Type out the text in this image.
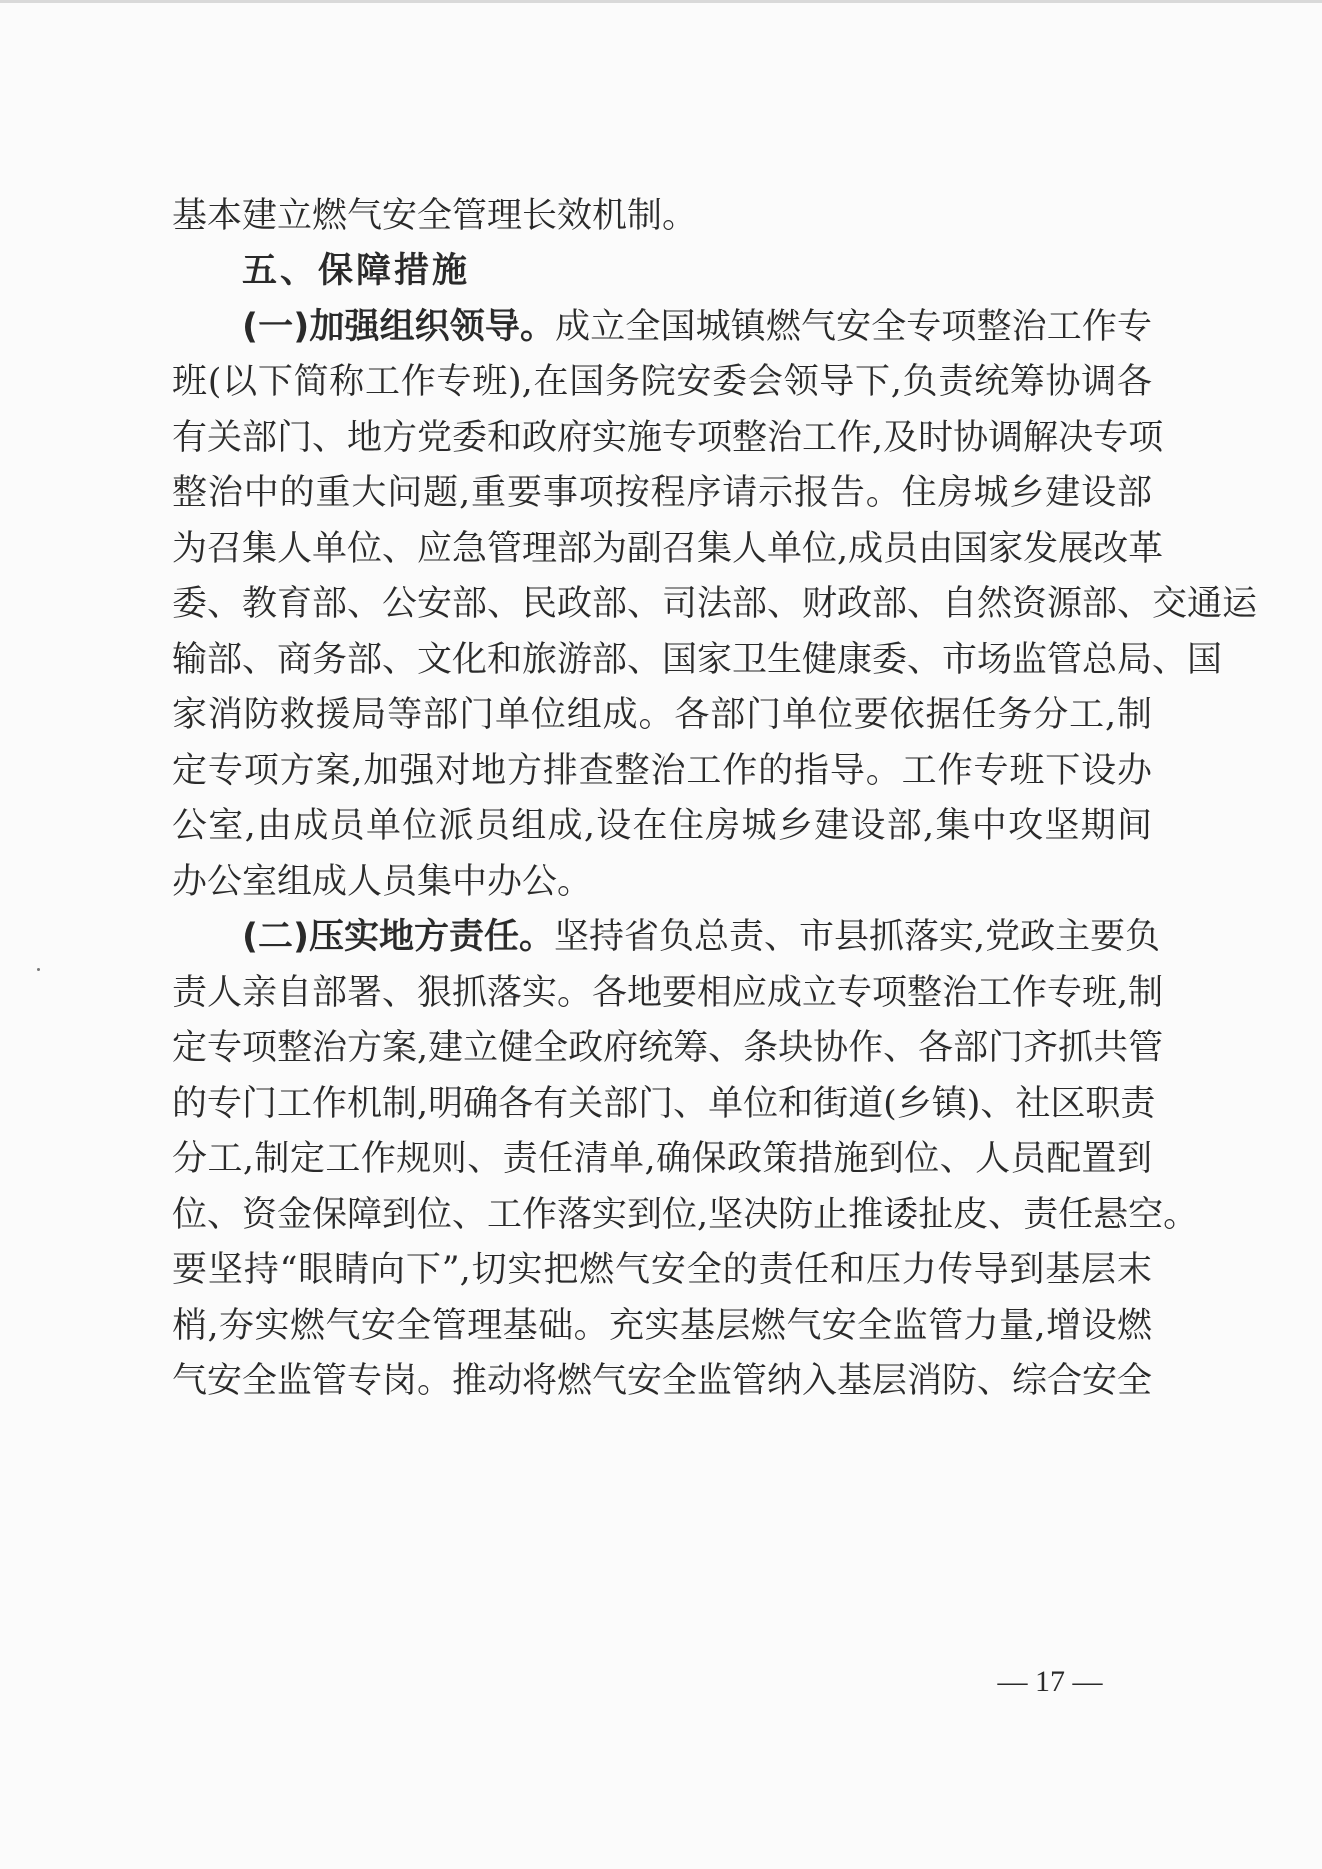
基本建立燃气安全管理长效机制。
五、保障措施
(一)加强组织领导。成立全国城镇燃气安全专项整治工作专
班(以下简称工作专班),在国务院安委会领导下,负责统筹协调各
有关部门、地方党委和政府实施专项整治工作,及时协调解决专项
整治中的重大问题,重要事项按程序请示报告。住房城乡建设部
为召集人单位、应急管理部为副召集人单位,成员由国家发展改革
委、教育部、公安部、民政部、司法部、财政部、自然资源部、交通运
输部、商务部、文化和旅游部、国家卫生健康委、市场监管总局、国
家消防救援局等部门单位组成。各部门单位要依据任务分工,制
定专项方案,加强对地方排查整治工作的指导。工作专班下设办
公室,由成员单位派员组成,设在住房城乡建设部,集中攻坚期间
办公室组成人员集中办公。
(二)压实地方责任。坚持省负总责、市县抓落实,党政主要负
责人亲自部署、狠抓落实。各地要相应成立专项整治工作专班,制
定专项整治方案,建立健全政府统筹、条块协作、各部门齐抓共管
的专门工作机制,明确各有关部门、单位和街道(乡镇)、社区职责
分工,制定工作规则、责任清单,确保政策措施到位、人员配置到
位、资金保障到位、工作落实到位,坚决防止推诿扯皮、责任悬空。
要坚持“眼睛向下”,切实把燃气安全的责任和压力传导到基层末
梢,夯实燃气安全管理基础。充实基层燃气安全监管力量,增设燃
气安全监管专岗。推动将燃气安全监管纳入基层消防、综合安全
— 17 —
